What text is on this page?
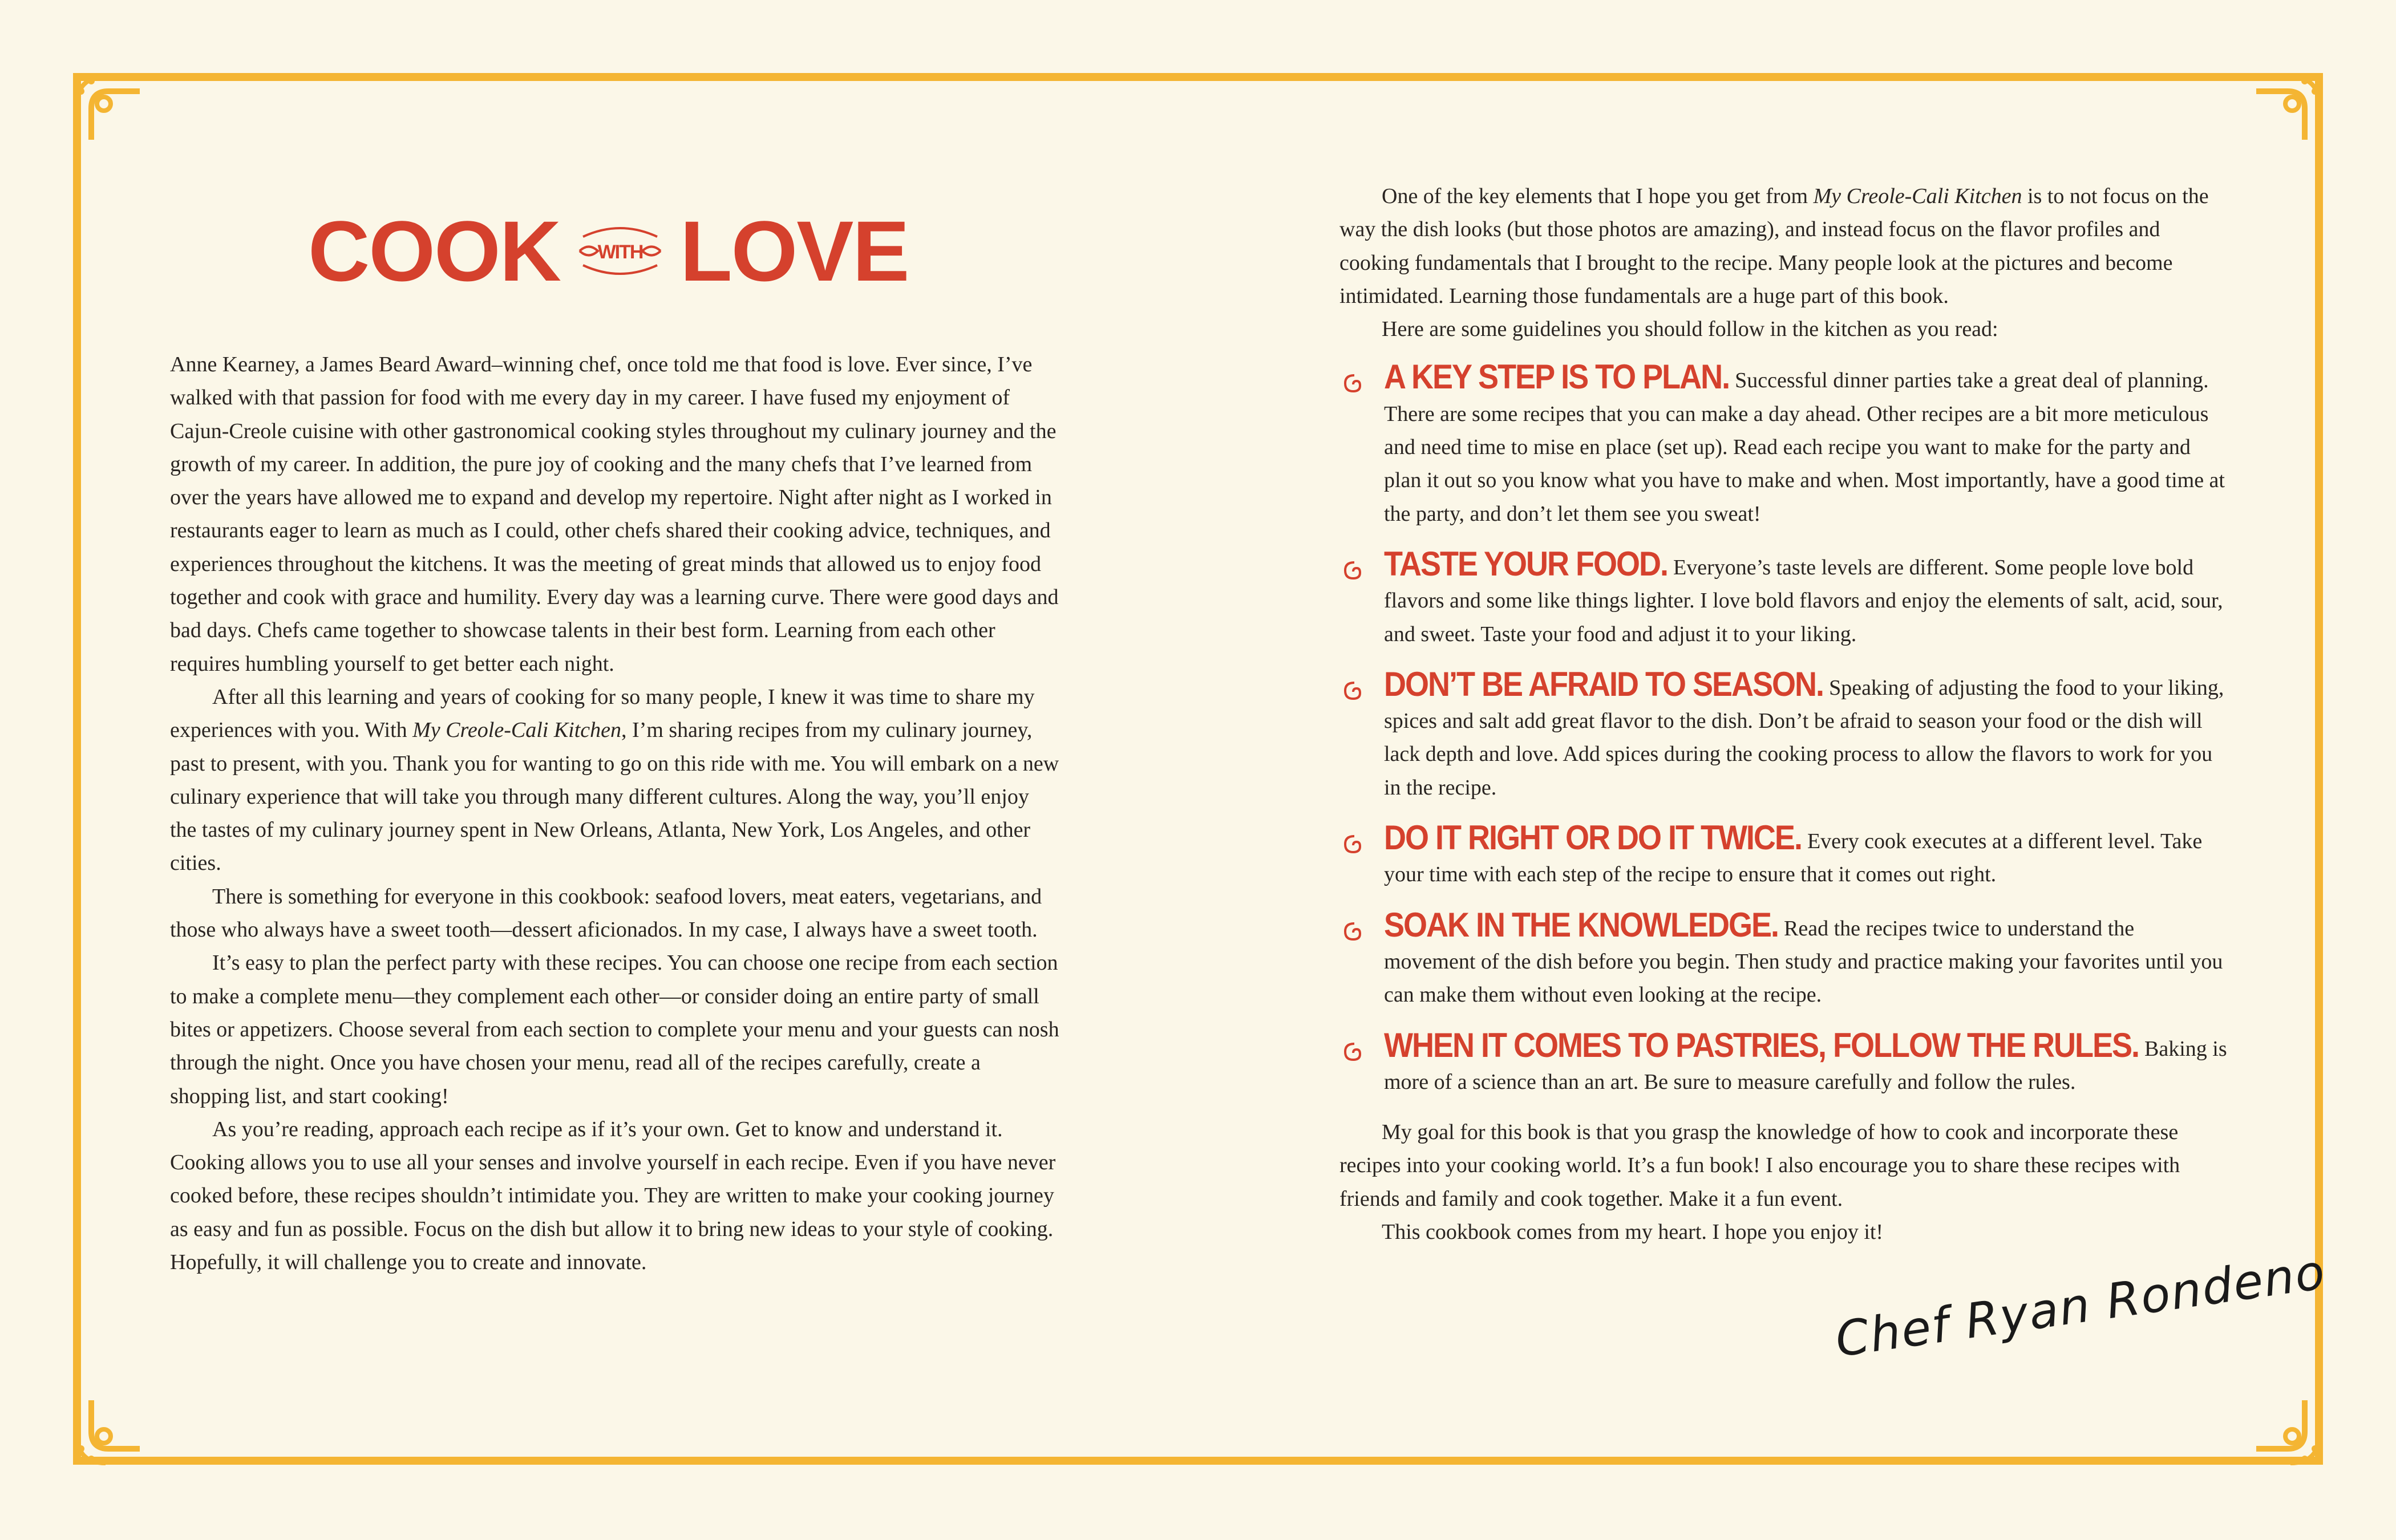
COOK WITH LOVE

Anne Kearney, a James Beard Award–winning chef, once told me that food is love. Ever since, I’ve walked with that passion for food with me every day in my career. I have fused my enjoyment of Cajun-Creole cuisine with other gastronomical cooking styles throughout my culinary journey and the growth of my career. In addition, the pure joy of cooking and the many chefs that I’ve learned from over the years have allowed me to expand and develop my repertoire. Night after night as I worked in restaurants eager to learn as much as I could, other chefs shared their cooking advice, techniques, and experiences throughout the kitchens. It was the meeting of great minds that allowed us to enjoy food together and cook with grace and humility. Every day was a learning curve. There were good days and bad days. Chefs came together to showcase talents in their best form. Learning from each other requires humbling yourself to get better each night.

After all this learning and years of cooking for so many people, I knew it was time to share my experiences with you. With My Creole-Cali Kitchen, I’m sharing recipes from my culinary journey, past to present, with you. Thank you for wanting to go on this ride with me. You will embark on a new culinary experience that will take you through many different cultures. Along the way, you’ll enjoy the tastes of my culinary journey spent in New Orleans, Atlanta, New York, Los Angeles, and other cities.

There is something for everyone in this cookbook: seafood lovers, meat eaters, vegetarians, and those who always have a sweet tooth—dessert aficionados. In my case, I always have a sweet tooth.

It’s easy to plan the perfect party with these recipes. You can choose one recipe from each section to make a complete menu—they complement each other—or consider doing an entire party of small bites or appetizers. Choose several from each section to complete your menu and your guests can nosh through the night. Once you have chosen your menu, read all of the recipes carefully, create a shopping list, and start cooking!

As you’re reading, approach each recipe as if it’s your own. Get to know and understand it. Cooking allows you to use all your senses and involve yourself in each recipe. Even if you have never cooked before, these recipes shouldn’t intimidate you. They are written to make your cooking journey as easy and fun as possible. Focus on the dish but allow it to bring new ideas to your style of cooking. Hopefully, it will challenge you to create and innovate.

One of the key elements that I hope you get from My Creole-Cali Kitchen is to not focus on the way the dish looks (but those photos are amazing), and instead focus on the flavor profiles and cooking fundamentals that I brought to the recipe. Many people look at the pictures and become intimidated. Learning those fundamentals are a huge part of this book.

Here are some guidelines you should follow in the kitchen as you read:

A KEY STEP IS TO PLAN. Successful dinner parties take a great deal of planning. There are some recipes that you can make a day ahead. Other recipes are a bit more meticulous and need time to mise en place (set up). Read each recipe you want to make for the party and plan it out so you know what you have to make and when. Most importantly, have a good time at the party, and don’t let them see you sweat!
TASTE YOUR FOOD. Everyone’s taste levels are different. Some people love bold flavors and some like things lighter. I love bold flavors and enjoy the elements of salt, acid, sour, and sweet. Taste your food and adjust it to your liking.
DON’T BE AFRAID TO SEASON. Speaking of adjusting the food to your liking, spices and salt add great flavor to the dish. Don’t be afraid to season your food or the dish will lack depth and love. Add spices during the cooking process to allow the flavors to work for you in the recipe.
DO IT RIGHT OR DO IT TWICE. Every cook executes at a different level. Take your time with each step of the recipe to ensure that it comes out right.
SOAK IN THE KNOWLEDGE. Read the recipes twice to understand the movement of the dish before you begin. Then study and practice making your favorites until you can make them without even looking at the recipe.
WHEN IT COMES TO PASTRIES, FOLLOW THE RULES. Baking is more of a science than an art. Be sure to measure carefully and follow the rules.

My goal for this book is that you grasp the knowledge of how to cook and incorporate these recipes into your cooking world. It’s a fun book! I also encourage you to share these recipes with friends and family and cook together. Make it a fun event.

This cookbook comes from my heart. I hope you enjoy it!

Chef Ryan Rondeno
